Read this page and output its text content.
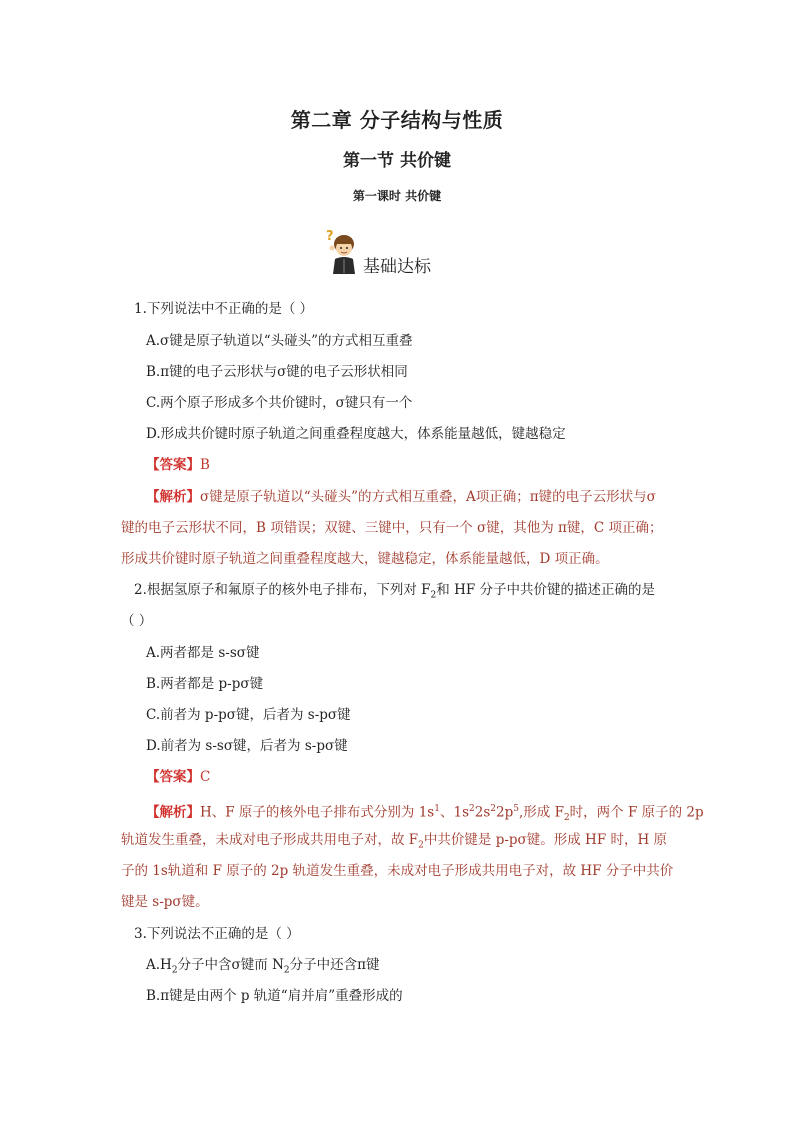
第二章 分子结构与性质
第一节 共价键
第一课时 共价键
?
基础达标
1.下列说法中不正确的是（ ）
A.σ键是原子轨道以“头碰头”的方式相互重叠
B.π键的电子云形状与σ键的电子云形状相同
C.两个原子形成多个共价键时，σ键只有一个
D.形成共价键时原子轨道之间重叠程度越大，体系能量越低，键越稳定
【答案】B
【解析】σ键是原子轨道以“头碰头”的方式相互重叠，A项正确；π键的电子云形状与σ
键的电子云形状不同，B 项错误；双键、三键中，只有一个 σ键，其他为 π键，C 项正确；
形成共价键时原子轨道之间重叠程度越大，键越稳定，体系能量越低，D 项正确。
2.根据氢原子和氟原子的核外电子排布，下列对 $F_2$和 HF 分子中共价键的描述正确的是
（ ）
A.两者都是 s-sσ键
B.两者都是 p-pσ键
C.前者为 p-pσ键，后者为 s-pσ键
D.前者为 s-sσ键，后者为 s-pσ键
【答案】C
【解析】H、F 原子的核外电子排布式分别为 $1s^1$、$1s^22s^22p^5$,形成 $F_2$时，两个 F 原子的 2p
轨道发生重叠，未成对电子形成共用电子对，故 $F_2$中共价键是 p-pσ键。形成 HF 时，H 原
子的 1s轨道和 F 原子的 2p 轨道发生重叠，未成对电子形成共用电子对，故 HF 分子中共价
键是 s-pσ键。
3.下列说法不正确的是（ ）
$A.H_2$分子中含σ键而 $N_2$分子中还含π键
B.π键是由两个 p 轨道“肩并肩”重叠形成的
